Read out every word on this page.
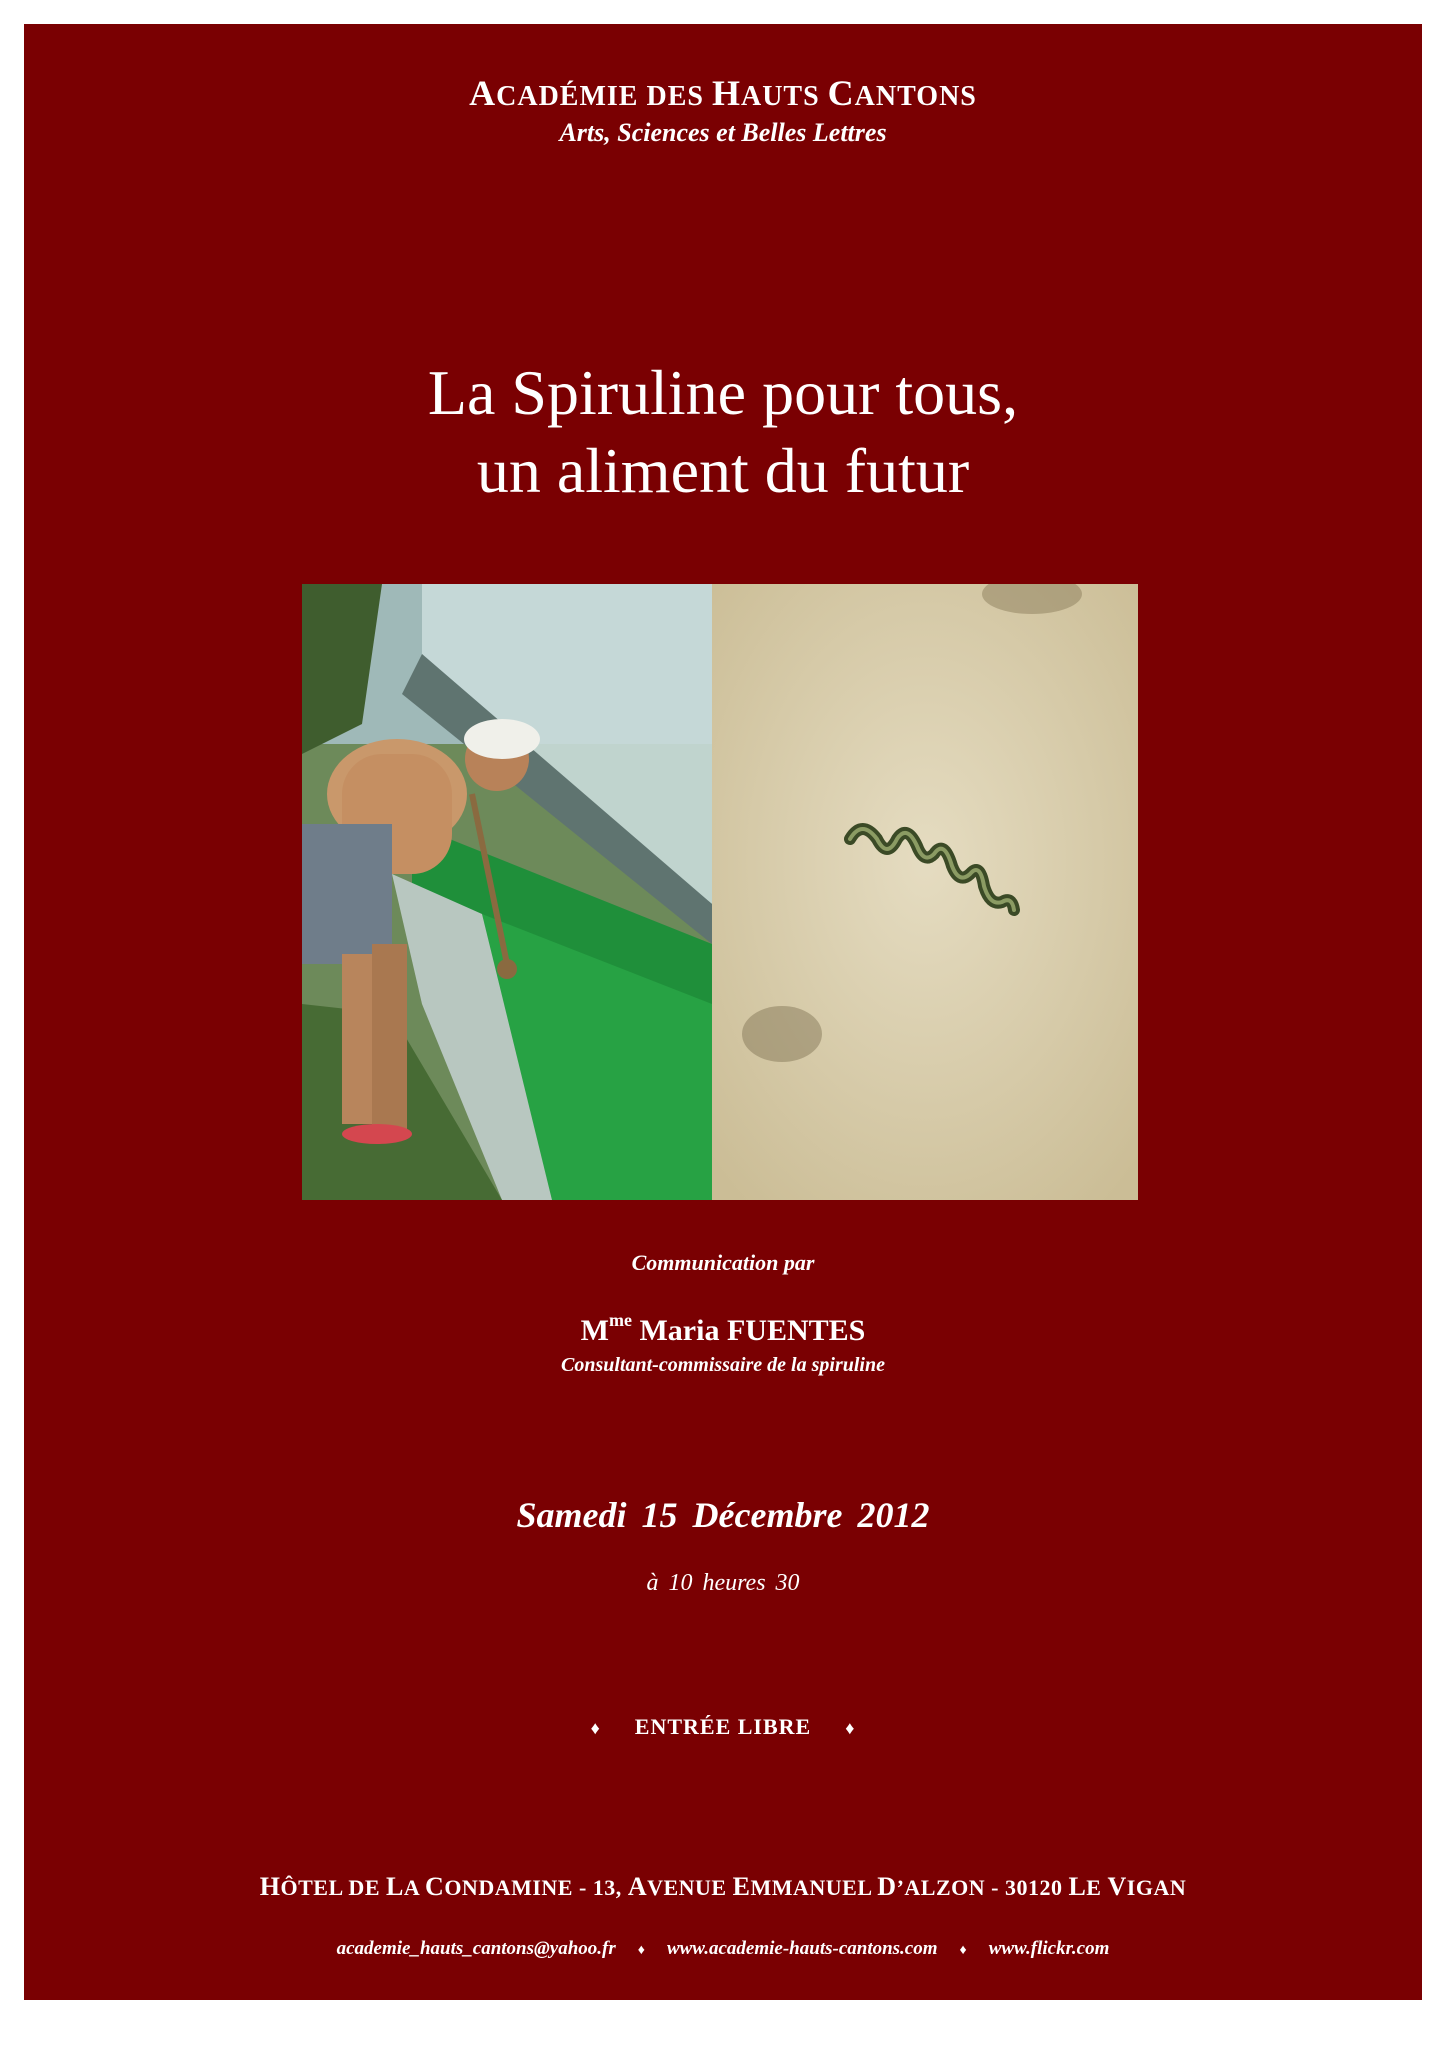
ACADÉMIE DES HAUTS CANTONS
Arts, Sciences et Belles Lettres
La Spiruline pour tous,
un aliment du futur
Communication par
$M^{me}$ Maria FUENTES
Consultant-commissaire de la spiruline
Samedi 15 Décembre 2012
à 10 heures 30
♦ ENTRÉE LIBRE ♦
HÔTEL DE LA CONDAMINE - 13, AVENUE EMMANUEL D’ALZON - 30120 LE VIGAN
academie_hauts_cantons@yahoo.fr ♦ www.academie-hauts-cantons.com ♦ www.flickr.com
